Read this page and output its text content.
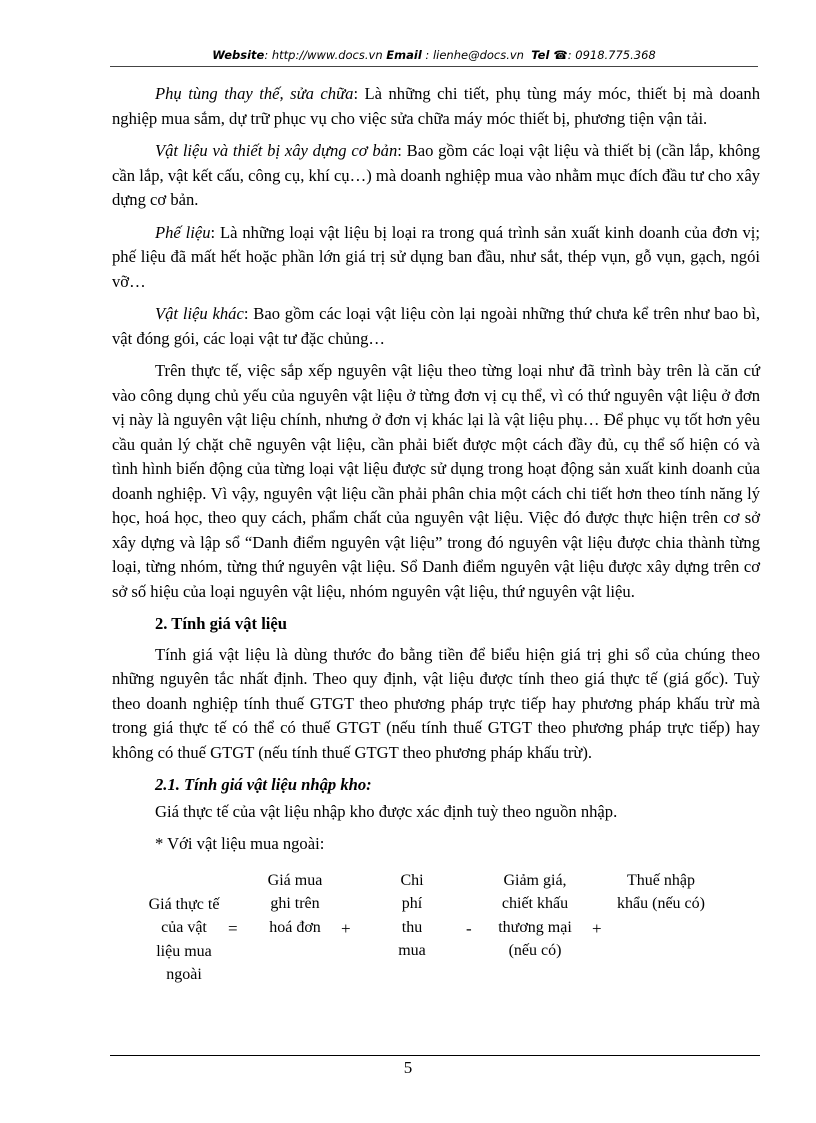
Website: http://www.docs.vn Email : lienhe@docs.vn Tel ☎: 0918.775.368

Phụ tùng thay thế, sửa chữa: Là những chi tiết, phụ tùng máy móc, thiết bị mà doanh nghiệp mua sắm, dự trữ phục vụ cho việc sửa chữa máy móc thiết bị, phương tiện vận tải.

Vật liệu và thiết bị xây dựng cơ bản: Bao gồm các loại vật liệu và thiết bị (cần lắp, không cần lắp, vật kết cấu, công cụ, khí cụ…) mà doanh nghiệp mua vào nhằm mục đích đầu tư cho xây dựng cơ bản.

Phế liệu: Là những loại vật liệu bị loại ra trong quá trình sản xuất kinh doanh của đơn vị; phế liệu đã mất hết hoặc phần lớn giá trị sử dụng ban đầu, như sắt, thép vụn, gỗ vụn, gạch, ngói vỡ…

Vật liệu khác: Bao gồm các loại vật liệu còn lại ngoài những thứ chưa kể trên như bao bì, vật đóng gói, các loại vật tư đặc chủng…

Trên thực tế, việc sắp xếp nguyên vật liệu theo từng loại như đã trình bày trên là căn cứ vào công dụng chủ yếu của nguyên vật liệu ở từng đơn vị cụ thể, vì có thứ nguyên vật liệu ở đơn vị này là nguyên vật liệu chính, nhưng ở đơn vị khác lại là vật liệu phụ… Để phục vụ tốt hơn yêu cầu quản lý chặt chẽ nguyên vật liệu, cần phải biết được một cách đầy đủ, cụ thể số hiện có và tình hình biến động của từng loại vật liệu được sử dụng trong hoạt động sản xuất kinh doanh của doanh nghiệp. Vì vậy, nguyên vật liệu cần phải phân chia một cách chi tiết hơn theo tính năng lý học, hoá học, theo quy cách, phẩm chất của nguyên vật liệu. Việc đó được thực hiện trên cơ sở xây dựng và lập sổ “Danh điểm nguyên vật liệu” trong đó nguyên vật liệu được chia thành từng loại, từng nhóm, từng thứ nguyên vật liệu. Sổ Danh điểm nguyên vật liệu được xây dựng trên cơ sở số hiệu của loại nguyên vật liệu, nhóm nguyên vật liệu, thứ nguyên vật liệu.

2. Tính giá vật liệu

Tính giá vật liệu là dùng thước đo bằng tiền để biểu hiện giá trị ghi sổ của chúng theo những nguyên tắc nhất định. Theo quy định, vật liệu được tính theo giá thực tế (giá gốc). Tuỳ theo doanh nghiệp tính thuế GTGT theo phương pháp trực tiếp hay phương pháp khấu trừ mà trong giá thực tế có thể có thuế GTGT (nếu tính thuế GTGT theo phương pháp trực tiếp) hay không có thuế GTGT (nếu tính thuế GTGT theo phương pháp khấu trừ).

2.1. Tính giá vật liệu nhập kho:

Giá thực tế của vật liệu nhập kho được xác định tuỳ theo nguồn nhập.

* Với vật liệu mua ngoài:

Giá thực tế của vật liệu mua ngoài
=
Giá mua ghi trên hoá đơn	+
Chi phí thu mua
-
Giảm giá, chiết khấu thương mại (nếu có)
+
Thuế nhập khẩu (nếu có)
5
